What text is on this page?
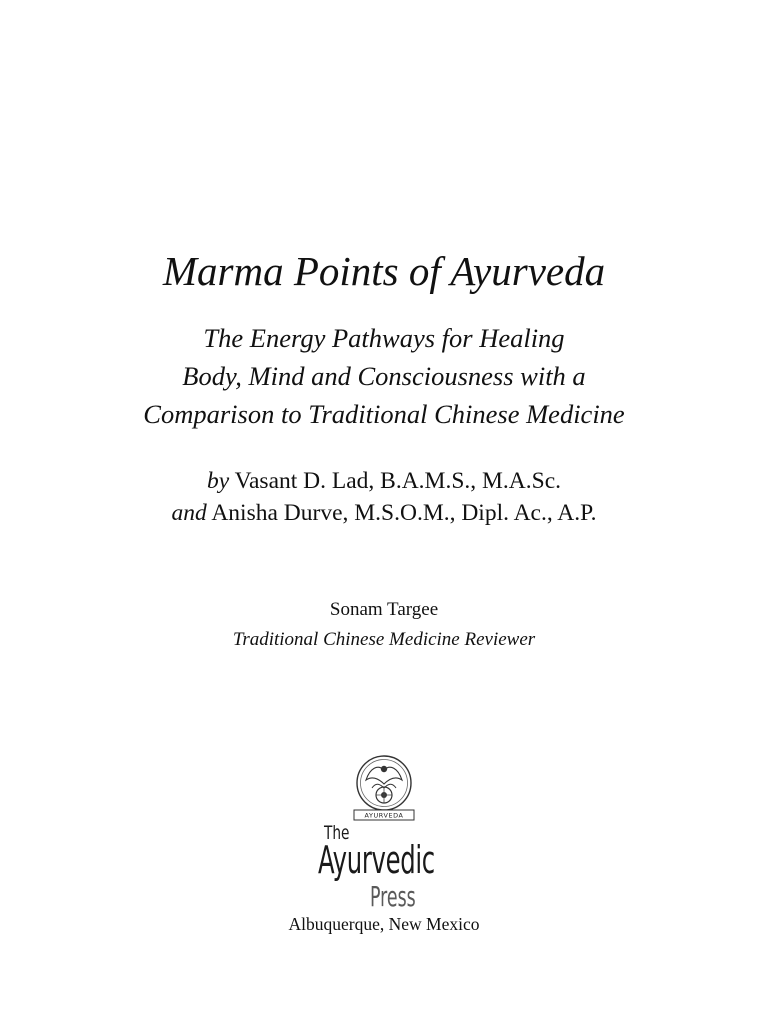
Marma Points of Ayurveda
The Energy Pathways for Healing
Body, Mind and Consciousness with a
Comparison to Traditional Chinese Medicine
by Vasant D. Lad, B.A.M.S., M.A.Sc.
and Anisha Durve, M.S.O.M., Dipl. Ac., A.P.
Sonam Targee
Traditional Chinese Medicine Reviewer
AYURVEDA
The
Ayurvedic
Press
Albuquerque, New Mexico
